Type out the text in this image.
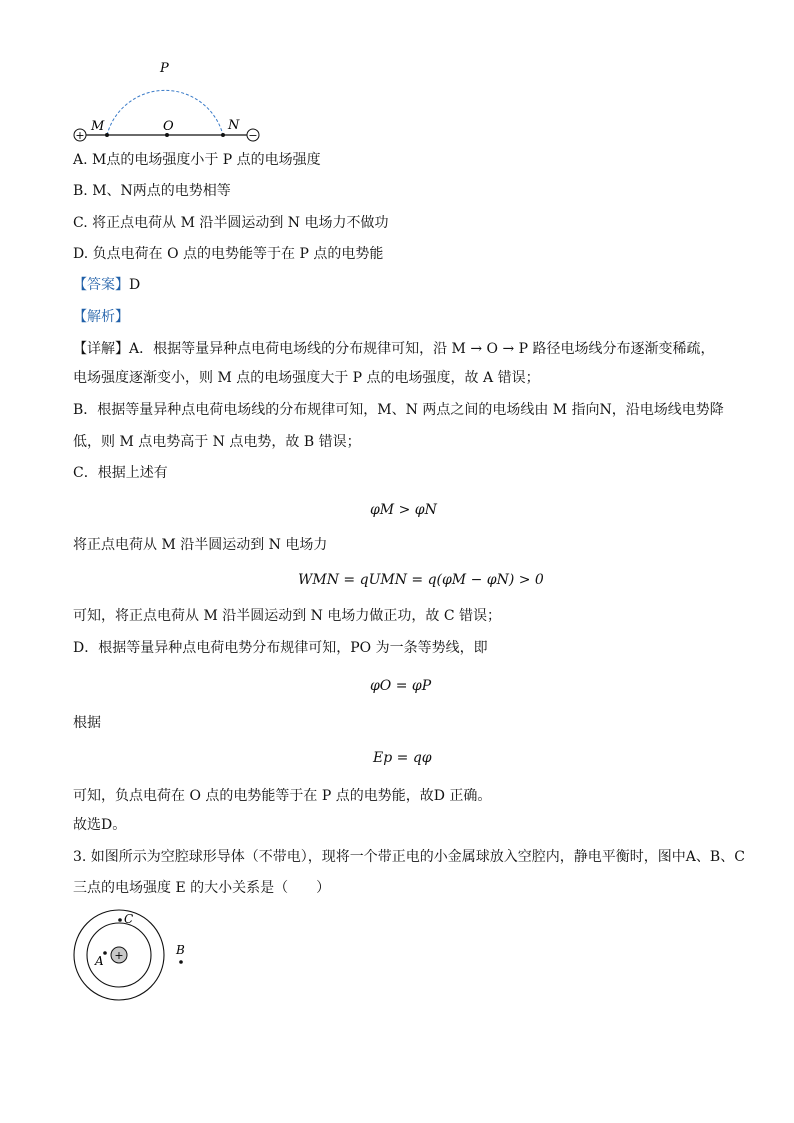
+	−
P
M	O	N
A. M点的电场强度小于 P 点的电场强度
B. M、N两点的电势相等
C. 将正点电荷从 M 沿半圆运动到 N 电场力不做功
D. 负点电荷在 O 点的电势能等于在 P 点的电势能
【答案】D
【解析】
【详解】A．根据等量异种点电荷电场线的分布规律可知，沿 M → O → P 路径电场线分布逐渐变稀疏，
电场强度逐渐变小，则 M 点的电场强度大于 P 点的电场强度，故 A 错误；
B．根据等量异种点电荷电场线的分布规律可知，M、N 两点之间的电场线由 M 指向N，沿电场线电势降
低，则 M 点电势高于 N 点电势，故 B 错误；
C．根据上述有
φM > φN
将正点电荷从 M 沿半圆运动到 N 电场力
WMN = qUMN = q(φM − φN) > 0
可知，将正点电荷从 M 沿半圆运动到 N 电场力做正功，故 C 错误；
D．根据等量异种点电荷电势分布规律可知，PO 为一条等势线，即
φO = φP
根据
Ep = qφ
可知，负点电荷在 O 点的电势能等于在 P 点的电势能，故D 正确。
故选D。
3. 如图所示为空腔球形导体（不带电），现将一个带正电的小金属球放入空腔内，静电平衡时，图中A、B、C
三点的电场强度 E 的大小关系是（　　）
+
A
C
B
